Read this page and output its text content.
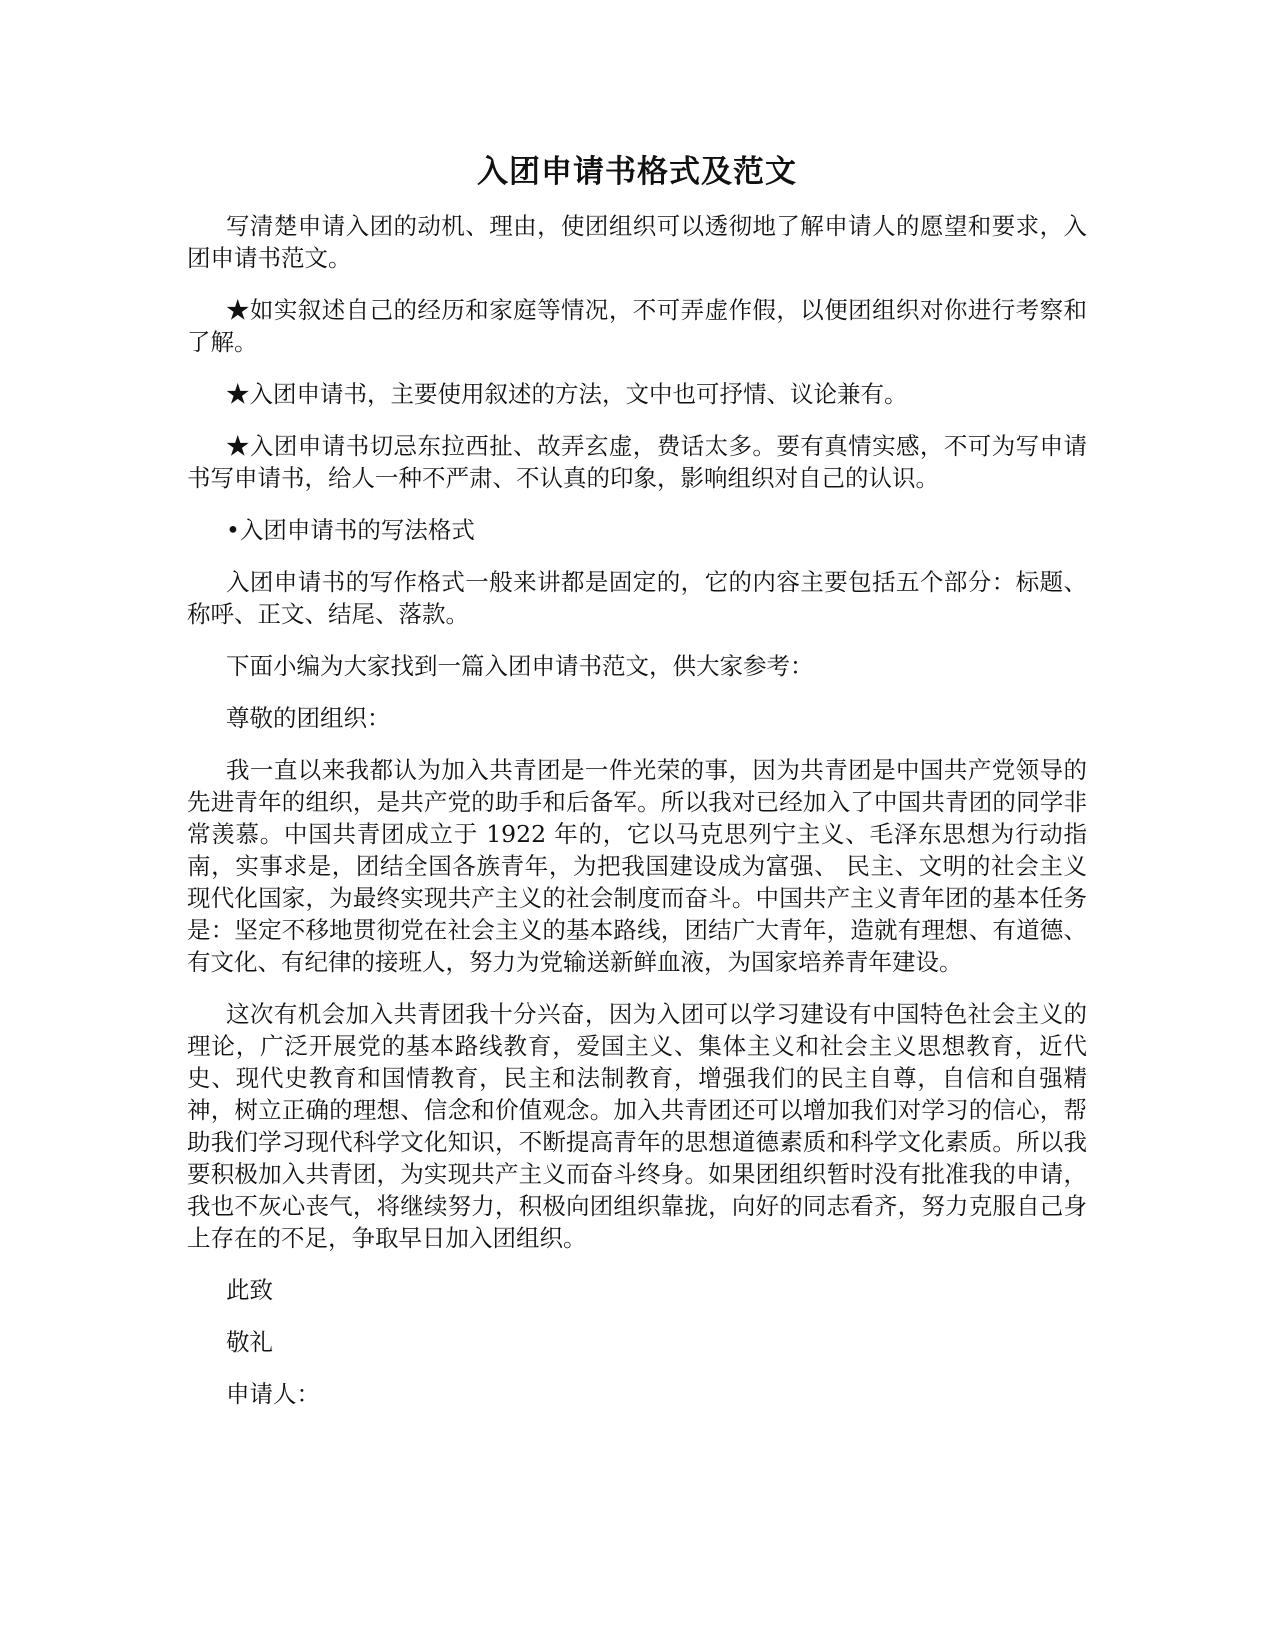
入团申请书格式及范文

写清楚申请入团的动机、理由，使团组织可以透彻地了解申请人的愿望和要求，入团申请书范文。

★如实叙述自己的经历和家庭等情况，不可弄虚作假，以便团组织对你进行考察和了解。

★入团申请书，主要使用叙述的方法，文中也可抒情、议论兼有。

★入团申请书切忌东拉西扯、故弄玄虚，费话太多。要有真情实感，不可为写申请书写申请书，给人一种不严肃、不认真的印象，影响组织对自己的认识。

•入团申请书的写法格式

入团申请书的写作格式一般来讲都是固定的，它的内容主要包括五个部分：标题、称呼、正文、结尾、落款。

下面小编为大家找到一篇入团申请书范文，供大家参考：

尊敬的团组织：

我一直以来我都认为加入共青团是一件光荣的事，因为共青团是中国共产党领导的先进青年的组织，是共产党的助手和后备军。所以我对已经加入了中国共青团的同学非常羡慕。中国共青团成立于 1922 年的，它以马克思列宁主义、毛泽东思想为行动指南，实事求是，团结全国各族青年，为把我国建设成为富强、 民主、文明的社会主义现代化国家，为最终实现共产主义的社会制度而奋斗。中国共产主义青年团的基本任务是：坚定不移地贯彻党在社会主义的基本路线，团结广大青年，造就有理想、有道德、有文化、有纪律的接班人，努力为党输送新鲜血液，为国家培养青年建设。

这次有机会加入共青团我十分兴奋，因为入团可以学习建设有中国特色社会主义的理论，广泛开展党的基本路线教育，爱国主义、集体主义和社会主义思想教育，近代史、现代史教育和国情教育，民主和法制教育，增强我们的民主自尊，自信和自强精神，树立正确的理想、信念和价值观念。加入共青团还可以增加我们对学习的信心，帮助我们学习现代科学文化知识，不断提高青年的思想道德素质和科学文化素质。所以我要积极加入共青团，为实现共产主义而奋斗终身。如果团组织暂时没有批准我的申请，我也不灰心丧气，将继续努力，积极向团组织靠拢，向好的同志看齐，努力克服自己身上存在的不足，争取早日加入团组织。

此致

敬礼

申请人：
